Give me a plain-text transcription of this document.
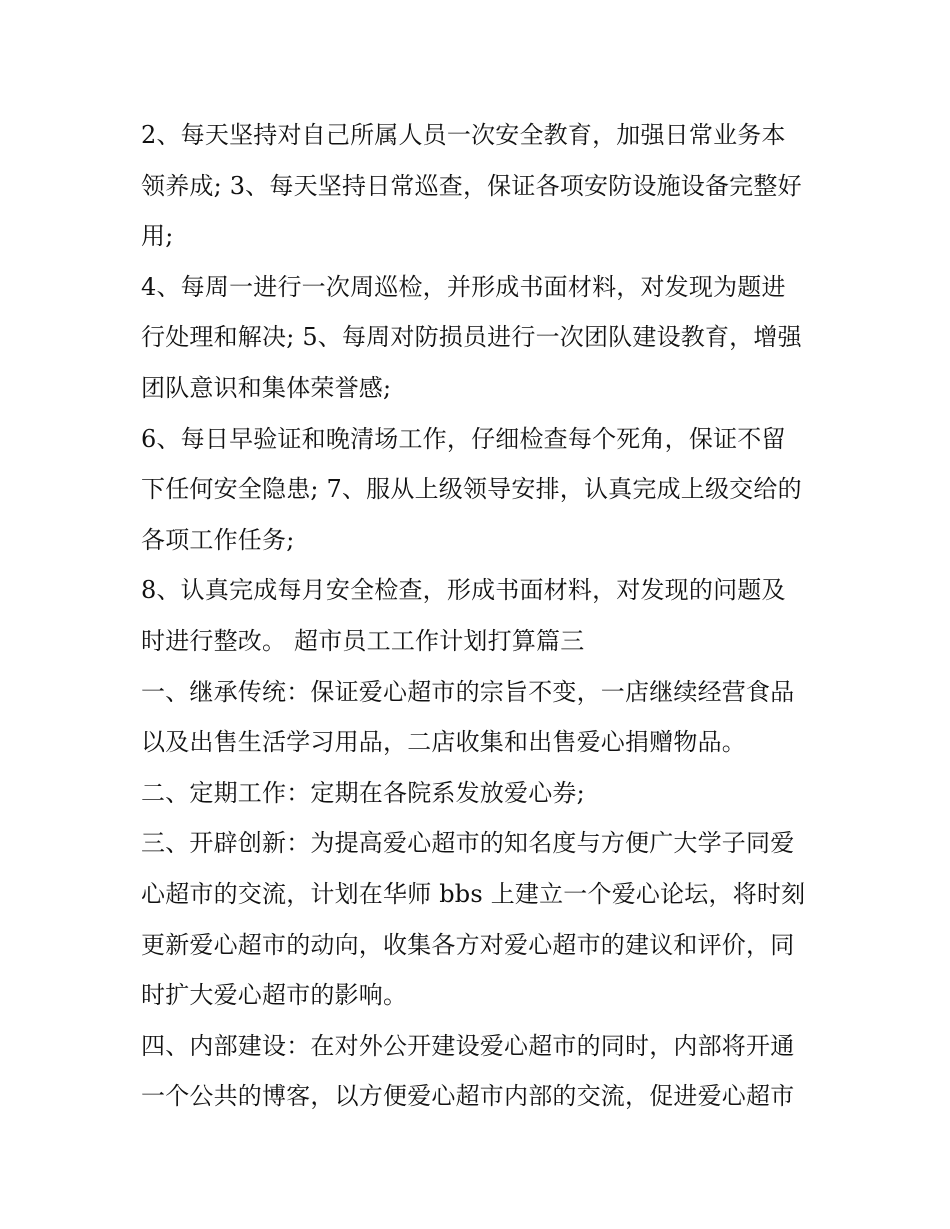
2、每天坚持对自己所属人员一次安全教育，加强日常业务本
领养成; 3、每天坚持日常巡查，保证各项安防设施设备完整好
用;

4、每周一进行一次周巡检，并形成书面材料，对发现为题进
行处理和解决; 5、每周对防损员进行一次团队建设教育，增强
团队意识和集体荣誉感;

6、每日早验证和晚清场工作，仔细检查每个死角，保证不留
下任何安全隐患; 7、服从上级领导安排，认真完成上级交给的
各项工作任务;

8、认真完成每月安全检查，形成书面材料，对发现的问题及
时进行整改。 超市员工工作计划打算篇三

一、继承传统：保证爱心超市的宗旨不变，一店继续经营食品
以及出售生活学习用品，二店收集和出售爱心捐赠物品。

二、定期工作：定期在各院系发放爱心券;

三、开辟创新：为提高爱心超市的知名度与方便广大学子同爱
心超市的交流，计划在华师 bbs 上建立一个爱心论坛，将时刻
更新爱心超市的动向，收集各方对爱心超市的建议和评价，同
时扩大爱心超市的影响。

四、内部建设：在对外公开建设爱心超市的同时，内部将开通
一个公共的博客，以方便爱心超市内部的交流，促进爱心超市
